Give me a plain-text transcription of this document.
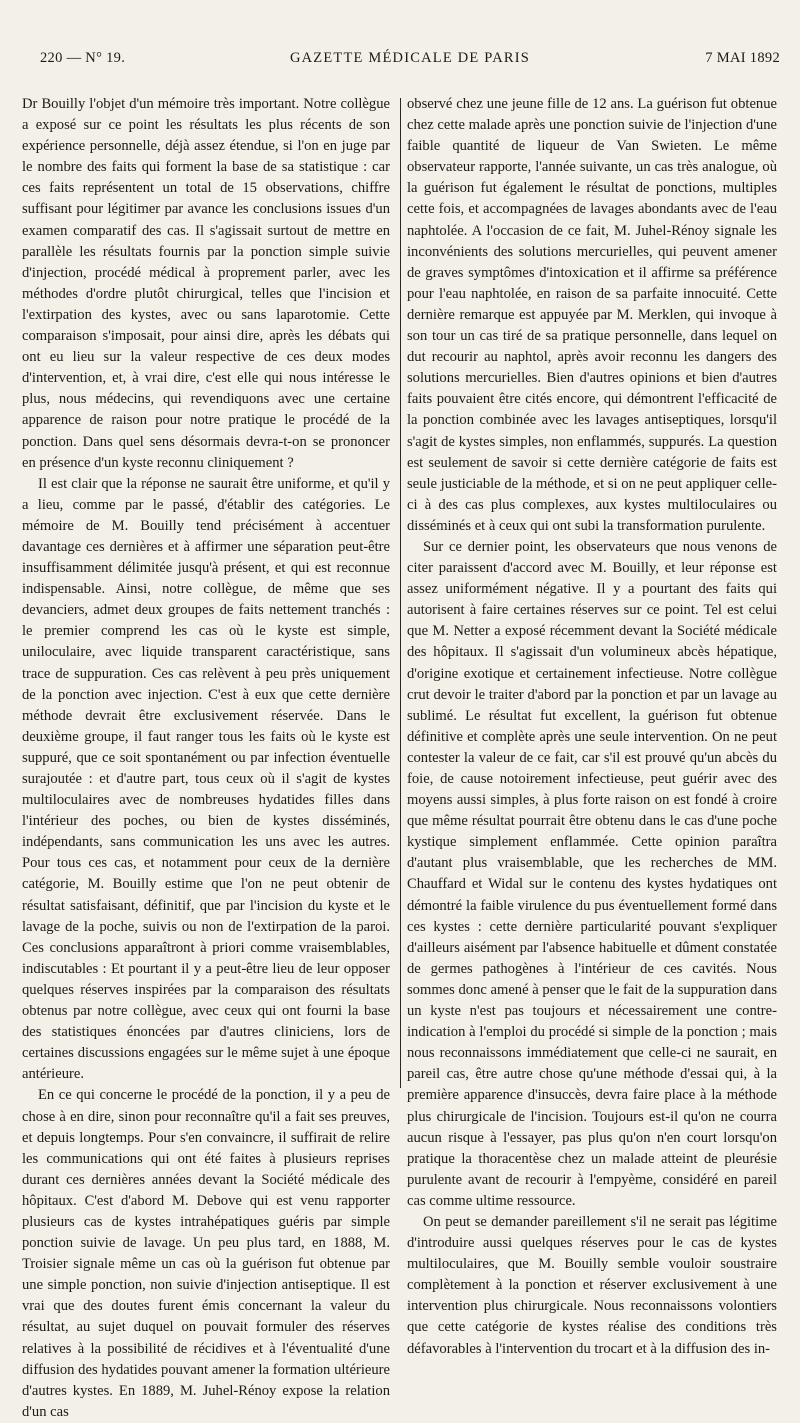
220 — N° 19.	GAZETTE MÉDICALE DE PARIS	7 MAI 1892

Dr Bouilly l'objet d'un mémoire très important. Notre collègue a exposé sur ce point les résultats les plus récents de son expérience personnelle, déjà assez étendue, si l'on en juge par le nombre des faits qui forment la base de sa statistique : car ces faits représentent un total de 15 observations, chiffre suffisant pour légitimer par avance les conclusions issues d'un examen comparatif des cas. Il s'agissait surtout de mettre en parallèle les résultats fournis par la ponction simple suivie d'injection, procédé médical à proprement parler, avec les méthodes d'ordre plutôt chirurgical, telles que l'incision et l'extirpation des kystes, avec ou sans laparotomie. Cette comparaison s'imposait, pour ainsi dire, après les débats qui ont eu lieu sur la valeur respective de ces deux modes d'intervention, et, à vrai dire, c'est elle qui nous intéresse le plus, nous médecins, qui revendiquons avec une certaine apparence de raison pour notre pratique le procédé de la ponction. Dans quel sens désormais devra-t-on se prononcer en présence d'un kyste reconnu cliniquement ?

Il est clair que la réponse ne saurait être uniforme, et qu'il y a lieu, comme par le passé, d'établir des catégories. Le mémoire de M. Bouilly tend précisément à accentuer davantage ces dernières et à affirmer une séparation peut-être insuffisamment délimitée jusqu'à présent, et qui est reconnue indispensable. Ainsi, notre collègue, de même que ses devanciers, admet deux groupes de faits nettement tranchés : le premier comprend les cas où le kyste est simple, uniloculaire, avec liquide transparent caractéristique, sans trace de suppuration. Ces cas relèvent à peu près uniquement de la ponction avec injection. C'est à eux que cette dernière méthode devrait être exclusivement réservée. Dans le deuxième groupe, il faut ranger tous les faits où le kyste est suppuré, que ce soit spontanément ou par infection éventuelle surajoutée : et d'autre part, tous ceux où il s'agit de kystes multiloculaires avec de nombreuses hydatides filles dans l'intérieur des poches, ou bien de kystes disséminés, indépendants, sans communication les uns avec les autres. Pour tous ces cas, et notamment pour ceux de la dernière catégorie, M. Bouilly estime que l'on ne peut obtenir de résultat satisfaisant, définitif, que par l'incision du kyste et le lavage de la poche, suivis ou non de l'extirpation de la paroi. Ces conclusions apparaîtront à priori comme vraisemblables, indiscutables : Et pourtant il y a peut-être lieu de leur opposer quelques réserves inspirées par la comparaison des résultats obtenus par notre collègue, avec ceux qui ont fourni la base des statistiques énoncées par d'autres cliniciens, lors de certaines discussions engagées sur le même sujet à une époque antérieure.

En ce qui concerne le procédé de la ponction, il y a peu de chose à en dire, sinon pour reconnaître qu'il a fait ses preuves, et depuis longtemps. Pour s'en convaincre, il suffirait de relire les communications qui ont été faites à plusieurs reprises durant ces dernières années devant la Société médicale des hôpitaux. C'est d'abord M. Debove qui est venu rapporter plusieurs cas de kystes intrahépatiques guéris par simple ponction suivie de lavage. Un peu plus tard, en 1888, M. Troisier signale même un cas où la guérison fut obtenue par une simple ponction, non suivie d'injection antiseptique. Il est vrai que des doutes furent émis concernant la valeur du résultat, au sujet duquel on pouvait formuler des réserves relatives à la possibilité de récidives et à l'éventualité d'une diffusion des hydatides pouvant amener la formation ultérieure d'autres kystes. En 1889, M. Juhel-Rénoy expose la relation d'un cas

observé chez une jeune fille de 12 ans. La guérison fut obtenue chez cette malade après une ponction suivie de l'injection d'une faible quantité de liqueur de Van Swieten. Le même observateur rapporte, l'année suivante, un cas très analogue, où la guérison fut également le résultat de ponctions, multiples cette fois, et accompagnées de lavages abondants avec de l'eau naphtolée. A l'occasion de ce fait, M. Juhel-Rénoy signale les inconvénients des solutions mercurielles, qui peuvent amener de graves symptômes d'intoxication et il affirme sa préférence pour l'eau naphtolée, en raison de sa parfaite innocuité. Cette dernière remarque est appuyée par M. Merklen, qui invoque à son tour un cas tiré de sa pratique personnelle, dans lequel on dut recourir au naphtol, après avoir reconnu les dangers des solutions mercurielles. Bien d'autres opinions et bien d'autres faits pouvaient être cités encore, qui démontrent l'efficacité de la ponction combinée avec les lavages antiseptiques, lorsqu'il s'agit de kystes simples, non enflammés, suppurés. La question est seulement de savoir si cette dernière catégorie de faits est seule justiciable de la méthode, et si on ne peut appliquer celle-ci à des cas plus complexes, aux kystes multiloculaires ou disséminés et à ceux qui ont subi la transformation purulente.

Sur ce dernier point, les observateurs que nous venons de citer paraissent d'accord avec M. Bouilly, et leur réponse est assez uniformément négative. Il y a pourtant des faits qui autorisent à faire certaines réserves sur ce point. Tel est celui que M. Netter a exposé récemment devant la Société médicale des hôpitaux. Il s'agissait d'un volumineux abcès hépatique, d'origine exotique et certainement infectieuse. Notre collègue crut devoir le traiter d'abord par la ponction et par un lavage au sublimé. Le résultat fut excellent, la guérison fut obtenue définitive et complète après une seule intervention. On ne peut contester la valeur de ce fait, car s'il est prouvé qu'un abcès du foie, de cause notoirement infectieuse, peut guérir avec des moyens aussi simples, à plus forte raison on est fondé à croire que même résultat pourrait être obtenu dans le cas d'une poche kystique simplement enflammée. Cette opinion paraîtra d'autant plus vraisemblable, que les recherches de MM. Chauffard et Widal sur le contenu des kystes hydatiques ont démontré la faible virulence du pus éventuellement formé dans ces kystes : cette dernière particularité pouvant s'expliquer d'ailleurs aisément par l'absence habituelle et dûment constatée de germes pathogènes à l'intérieur de ces cavités. Nous sommes donc amené à penser que le fait de la suppuration dans un kyste n'est pas toujours et nécessairement une contre-indication à l'emploi du procédé si simple de la ponction ; mais nous reconnaissons immédiatement que celle-ci ne saurait, en pareil cas, être autre chose qu'une méthode d'essai qui, à la première apparence d'insuccès, devra faire place à la méthode plus chirurgicale de l'incision. Toujours est-il qu'on ne courra aucun risque à l'essayer, pas plus qu'on n'en court lorsqu'on pratique la thoracentèse chez un malade atteint de pleurésie purulente avant de recourir à l'empyème, considéré en pareil cas comme ultime ressource.

On peut se demander pareillement s'il ne serait pas légitime d'introduire aussi quelques réserves pour le cas de kystes multiloculaires, que M. Bouilly semble vouloir soustraire complètement à la ponction et réserver exclusivement à une intervention plus chirurgicale. Nous reconnaissons volontiers que cette catégorie de kystes réalise des conditions très défavorables à l'intervention du trocart et à la diffusion des in-
